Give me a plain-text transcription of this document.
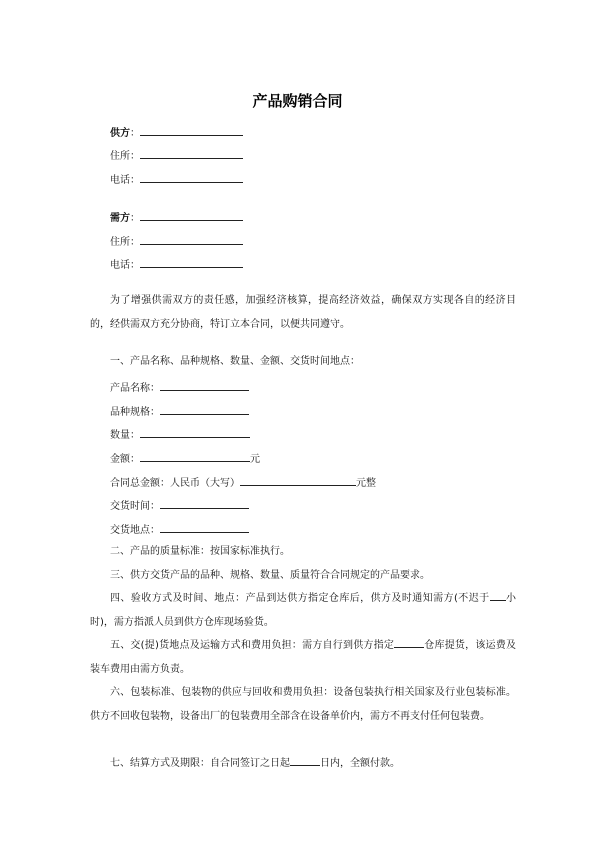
产品购销合同
供方：
住所：
电话：
需方：
住所：
电话：
为了增强供需双方的责任感，加强经济核算，提高经济效益，确保双方实现各自的经济目的，经供需双方充分协商，特订立本合同，以便共同遵守。
一、产品名称、品种规格、数量、金额、交货时间地点：
产品名称：
品种规格：
数量：
金额：	元
合同总金额：人民币（大写）	元整
交货时间：
交货地点：
二、产品的质量标准：按国家标准执行。
三、供方交货产品的品种、规格、数量、质量符合合同规定的产品要求。
四、验收方式及时间、地点：产品到达供方指定仓库后，供方及时通知需方(不迟于 小时)，需方指派人员到供方仓库现场验货。
五、交(提)货地点及运输方式和费用负担：需方自行到供方指定	仓库提货，该运费及装车费用由需方负责。
六、包装标准、包装物的供应与回收和费用负担：设备包装执行相关国家及行业包装标准。供方不回收包装物，设备出厂的包装费用全部含在设备单价内，需方不再支付任何包装费。
七、结算方式及期限：自合同签订之日起	日内，全额付款。
